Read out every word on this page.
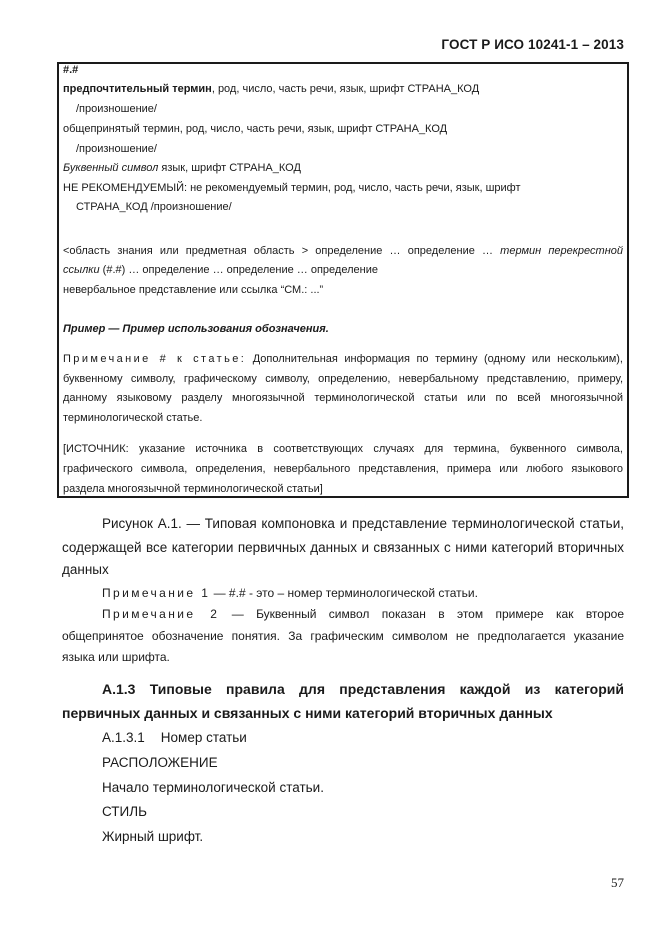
ГОСТ Р ИСО 10241-1 – 2013
#.#
предпочтительный термин, род, число, часть речи, язык, шрифт СТРАНА_КОД
/произношение/
общепринятый термин, род, число, часть речи, язык, шрифт СТРАНА_КОД
/произношение/
Буквенный символ язык, шрифт СТРАНА_КОД
НЕ РЕКОМЕНДУЕМЫЙ: не рекомендуемый термин, род, число, часть речи, язык, шрифт
СТРАНА_КОД /произношение/
<область знания или предметная область > определение … определение … термин перекрестной
ссылки (#.#) … определение … определение … определение
невербальное представление или ссылка “СМ.: ...”
Пример — Пример использования обозначения.
Примечание # к статье: Дополнительная информация по термину (одному или нескольким),
буквенному символу, графическому символу, определению, невербальному представлению, примеру,
данному языковому разделу многоязычной терминологической статьи или по всей многоязычной
терминологической статье.
[ИСТОЧНИК: указание источника в соответствующих случаях для термина, буквенного символа,
графического символа, определения, невербального представления, примера или любого языкового
раздела многоязычной терминологической статьи]
Рисунок А.1. — Типовая компоновка и представление терминологической статьи,
содержащей все категории первичных данных и связанных с ними категорий вторичных
данных
Примечание 1 — #.# - это – номер терминологической статьи.
Примечание 2 — Буквенный символ показан в этом примере как второе
общепринятое обозначение понятия. За графическим символом не предполагается указание
языка или шрифта.
А.1.3 Типовые правила для представления каждой из категорий
первичных данных и связанных с ними категорий вторичных данных
А.1.3.1 Номер статьи
РАСПОЛОЖЕНИЕ
Начало терминологической статьи.
СТИЛЬ
Жирный шрифт.
57
